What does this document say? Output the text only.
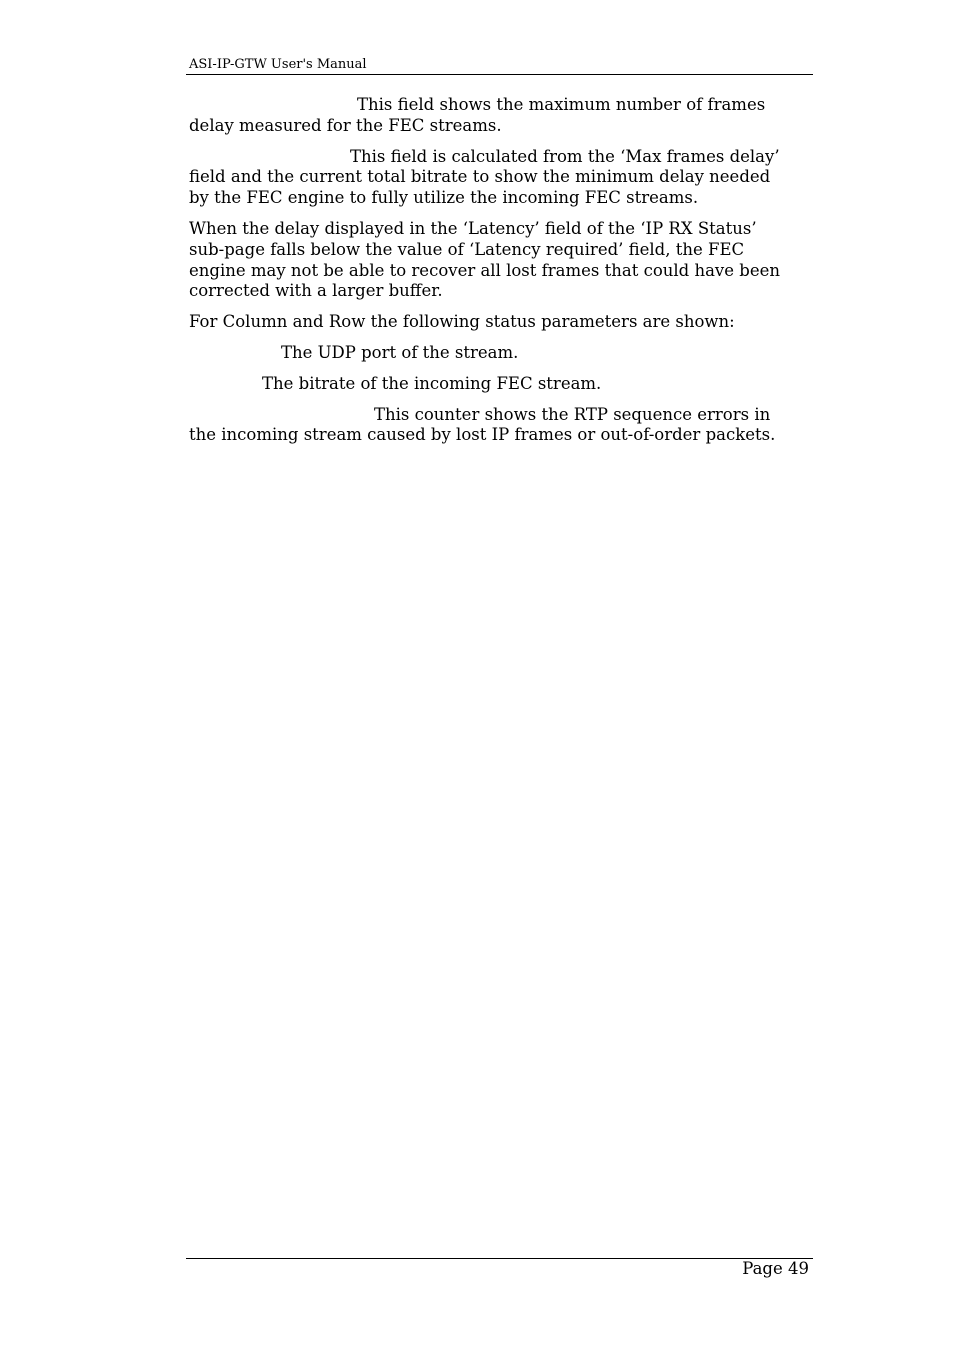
ASI-IP-GTW User's Manual

This field shows the maximum number of frames
delay measured for the FEC streams.

This field is calculated from the ‘Max frames delay’
field and the current total bitrate to show the minimum delay needed
by the FEC engine to fully utilize the incoming FEC streams.

When the delay displayed in the ‘Latency’ field of the ‘IP RX Status’
sub-page falls below the value of ‘Latency required’ field, the FEC
engine may not be able to recover all lost frames that could have been
corrected with a larger buffer.

For Column and Row the following status parameters are shown:

The UDP port of the stream.

The bitrate of the incoming FEC stream.

This counter shows the RTP sequence errors in
the incoming stream caused by lost IP frames or out-of-order packets.

Page 49
